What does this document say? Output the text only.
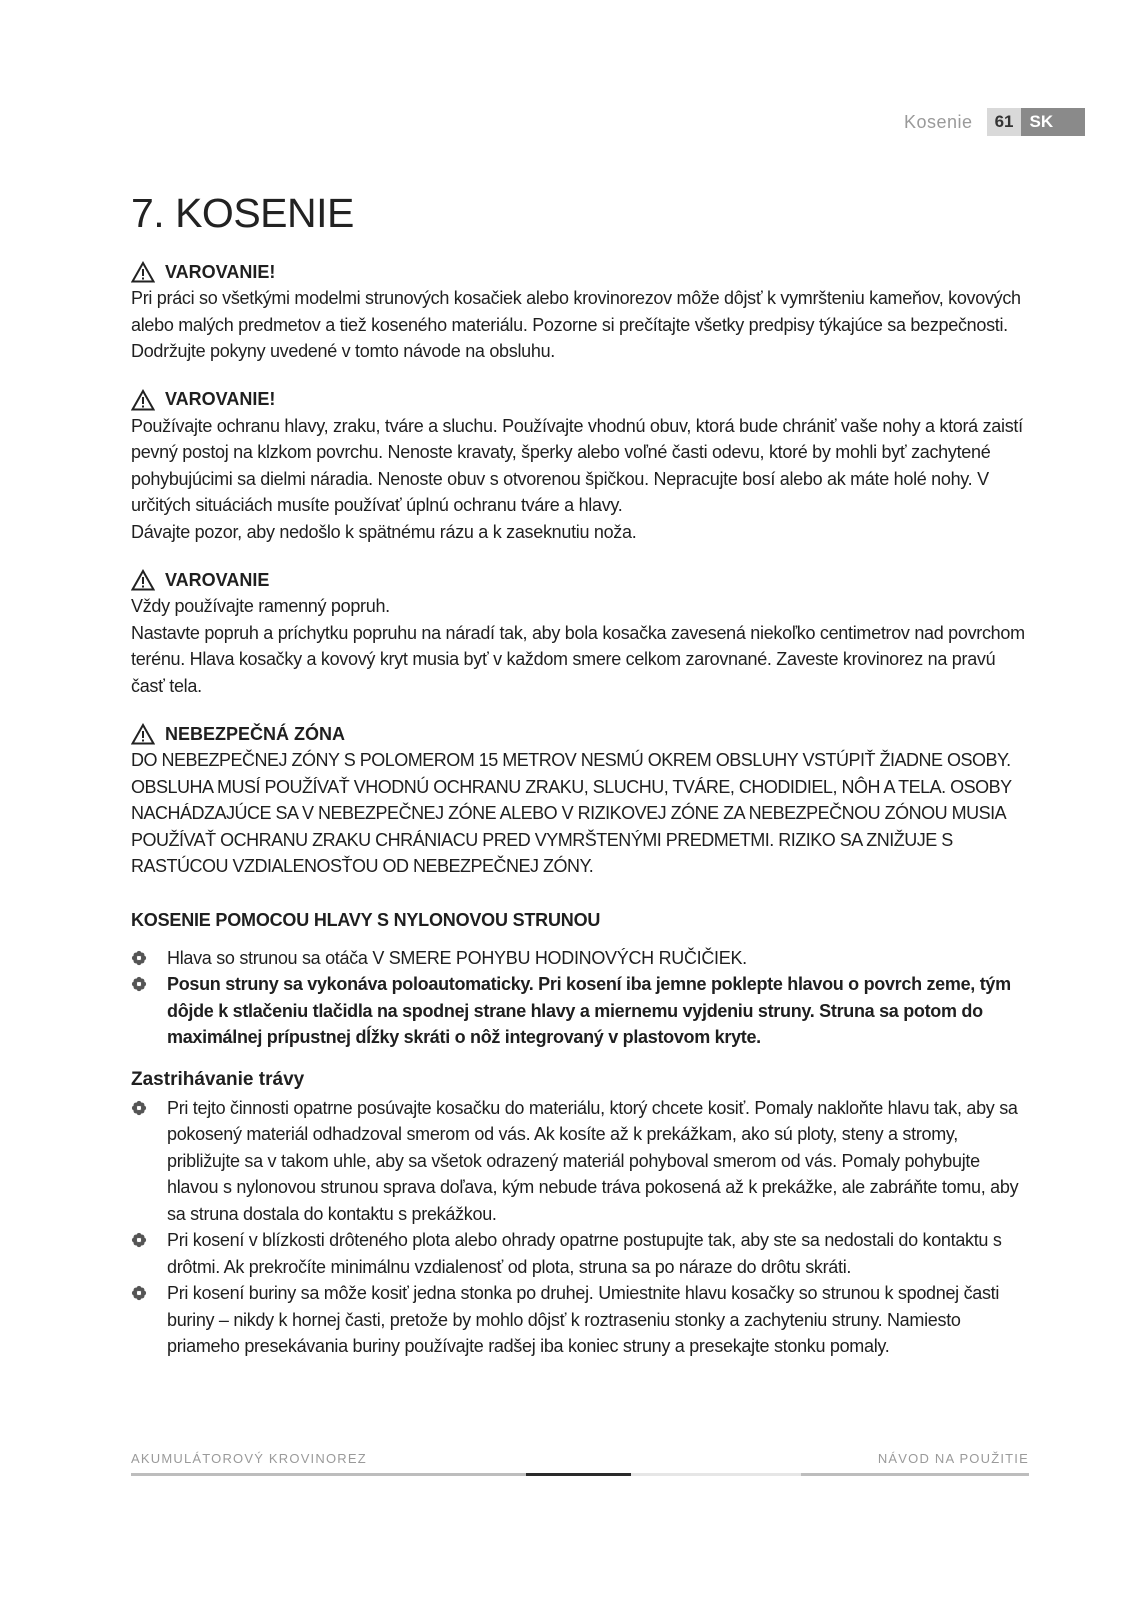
Kosenie	61 SK
7. KOSENIE
VAROVANIE!

Pri práci so všetkými modelmi strunových kosačiek alebo krovinorezov môže dôjsť k vymršteniu kameňov, kovových alebo malých predmetov a tiež koseného materiálu. Pozorne si prečítajte všetky predpisy týkajúce sa bezpečnosti.

Dodržujte pokyny uvedené v tomto návode na obsluhu.

VAROVANIE!

Používajte ochranu hlavy, zraku, tváre a sluchu. Používajte vhodnú obuv, ktorá bude chrániť vaše nohy a ktorá zaistí pevný postoj na klzkom povrchu. Nenoste kravaty, šperky alebo voľné časti odevu, ktoré by mohli byť zachytené pohybujúcimi sa dielmi náradia. Nenoste obuv s otvorenou špičkou. Nepracujte bosí alebo ak máte holé nohy. V určitých situáciách musíte používať úplnú ochranu tváre a hlavy.

Dávajte pozor, aby nedošlo k spätnému rázu a k zaseknutiu noža.

VAROVANIE

Vždy používajte ramenný popruh.

Nastavte popruh a príchytku popruhu na náradí tak, aby bola kosačka zavesená niekoľko centimetrov nad povrchom terénu. Hlava kosačky a kovový kryt musia byť v každom smere celkom zarovnané. Zaveste krovinorez na pravú časť tela.

NEBEZPEČNÁ ZÓNA

DO NEBEZPEČNEJ ZÓNY S POLOMEROM 15 METROV NESMÚ OKREM OBSLUHY VSTÚPIŤ ŽIADNE OSOBY. OBSLUHA MUSÍ POUŽÍVAŤ VHODNÚ OCHRANU ZRAKU, SLUCHU, TVÁRE, CHODIDIEL, NÔH A TELA. OSOBY NACHÁDZAJÚCE SA V NEBEZPEČNEJ ZÓNE ALEBO V RIZIKOVEJ ZÓNE ZA NEBEZPEČNOU ZÓNOU MUSIA POUŽÍVAŤ OCHRANU ZRAKU CHRÁNIACU PRED VYMRŠTENÝMI PREDMETMI. RIZIKO SA ZNIŽUJE S RASTÚCOU VZDIALENOSŤOU OD NEBEZPEČNEJ ZÓNY.

KOSENIE POMOCOU HLAVY S NYLONOVOU STRUNOU
Hlava so strunou sa otáča V SMERE POHYBU HODINOVÝCH RUČIČIEK.
Posun struny sa vykonáva poloautomaticky. Pri kosení iba jemne poklepte hlavou o povrch zeme, tým dôjde k stlačeniu tlačidla na spodnej strane hlavy a miernemu vyjdeniu struny. Struna sa potom do maximálnej prípustnej dĺžky skráti o nôž integrovaný v plastovom kryte.
Zastrihávanie trávy
Pri tejto činnosti opatrne posúvajte kosačku do materiálu, ktorý chcete kosiť. Pomaly nakloňte hlavu tak, aby sa pokosený materiál odhadzoval smerom od vás. Ak kosíte až k prekážkam, ako sú ploty, steny a stromy, približujte sa v takom uhle, aby sa všetok odrazený materiál pohyboval smerom od vás. Pomaly pohybujte hlavou s nylonovou strunou sprava doľava, kým nebude tráva pokosená až k prekážke, ale zabráňte tomu, aby sa struna dostala do kontaktu s prekážkou.
Pri kosení v blízkosti drôteného plota alebo ohrady opatrne postupujte tak, aby ste sa nedostali do kontaktu s drôtmi. Ak prekročíte minimálnu vzdialenosť od plota, struna sa po náraze do drôtu skráti.
Pri kosení buriny sa môže kosiť jedna stonka po druhej. Umiestnite hlavu kosačky so strunou k spodnej časti buriny – nikdy k hornej časti, pretože by mohlo dôjsť k roztraseniu stonky a zachyteniu struny. Namiesto priameho presekávania buriny používajte radšej iba koniec struny a presekajte stonku pomaly.
AKUMULÁTOROVÝ KROVINOREZ	NÁVOD NA POUŽITIE
